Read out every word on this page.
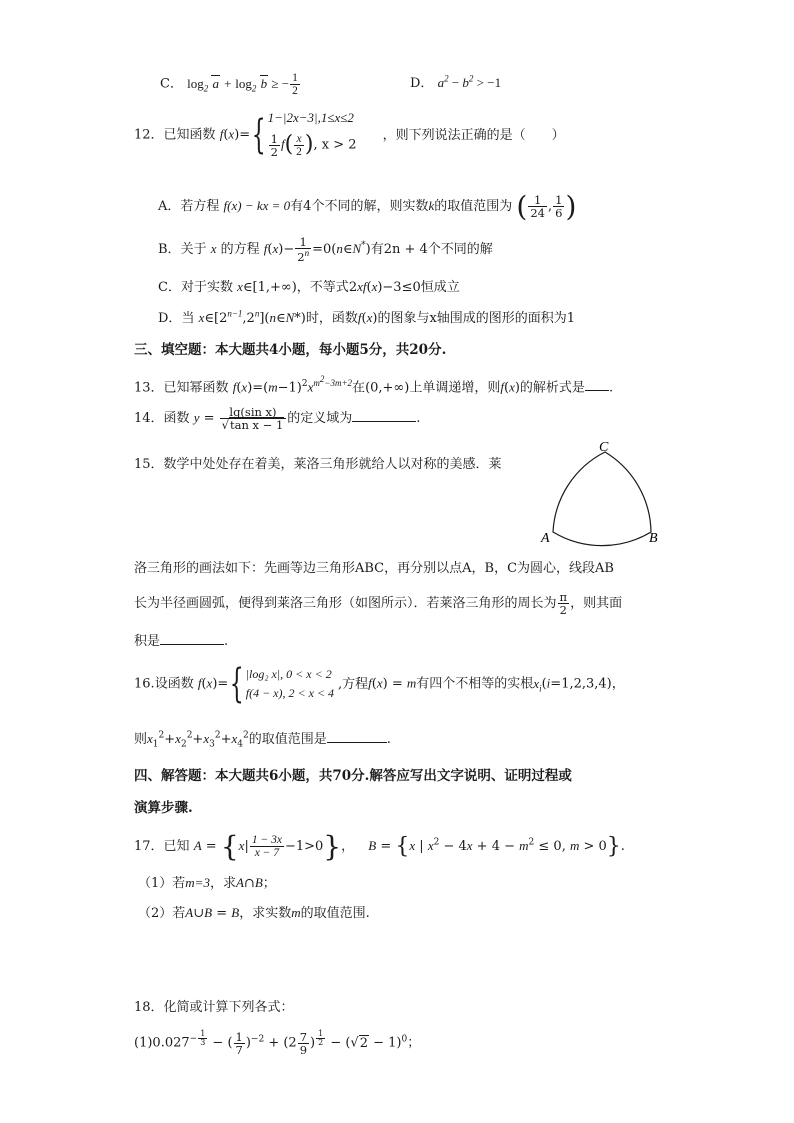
C． $\log_2 a + \log_2 b$ ≥ − $\frac{1}{2}$	D． $a^2 - b^2 > -1$
12．已知函数 f(x)={ 1−|2x−3|,1≤x≤2
$\frac{1}{2} f( \frac{x}{2}$ ), x > 2
，则下列说法正确的是（　　）
A．若方程 f(x) − kx = 0有4个不同的解，则实数k的取值范围为 ( $\frac{1}{24}$ , $\frac{1}{6}$ )
B．关于 x 的方程 $f(x)- \frac{1}{2^n}$ =0(n∈N*)有2n + 4个不同的解
C．对于实数 x∈[1,+∞)，不等式2xf(x)−3≤0恒成立
D．当 $x\in[2^{n-1},2^n](n\in N*)$时，函数f(x)的图象与x轴围成的图形的面积为1
三、填空题：本大题共4小题，每小题5分，共20分.
13．已知幂函数 $f(x)=(m-1)^2x^{m^2-3m+2}$在(0,+∞)上单调递增，则f(x)的解析式是 .
14．函数 $y = \frac{\text{lg(sin x)}}{\text{√tan x − 1}}$ 的定义域为	.
15．数学中处处存在着美，莱洛三角形就给人以对称的美感．莱
C
A	B
洛三角形的画法如下：先画等边三角形ABC，再分别以点A，B，C为圆心，线段AB
长为半径画圆弧，便得到莱洛三角形（如图所示）．若莱洛三角形的周长为 $\frac{\pi}{2}$ ，则其面
积是	.
16.设函数 f(x)={ |log₂ x|, 0 < x < 2
f(4 − x), 2 < x < 4
,方程f(x) = m有四个不相等的实根$x_i(i=1,2,3,4)$，
则$x_1^2+x_2^2+x_3^2+x_4^2$的取值范围是	.
四、解答题：本大题共6小题，共70分.解答应写出文字说明、证明过程或
演算步骤.
17．已知 $A = \{x| \frac{1 - 3x}{x - 7} -1>0\}$， B = {x | $x^2 - 4x + 4 - m^2 \le 0$, m > 0}.
（1）若m=3，求A∩B；
（2）若A∪B = B，求实数m的取值范围.
18．化简或计算下列各式：
$(1)0.027^{- \frac{1}{3}}$ − ( $\frac{1}{7} )^{-2} + (2 \frac{7}{9}$ ) $^{\frac{1}{2}} - (√2 - 1)^0$；
